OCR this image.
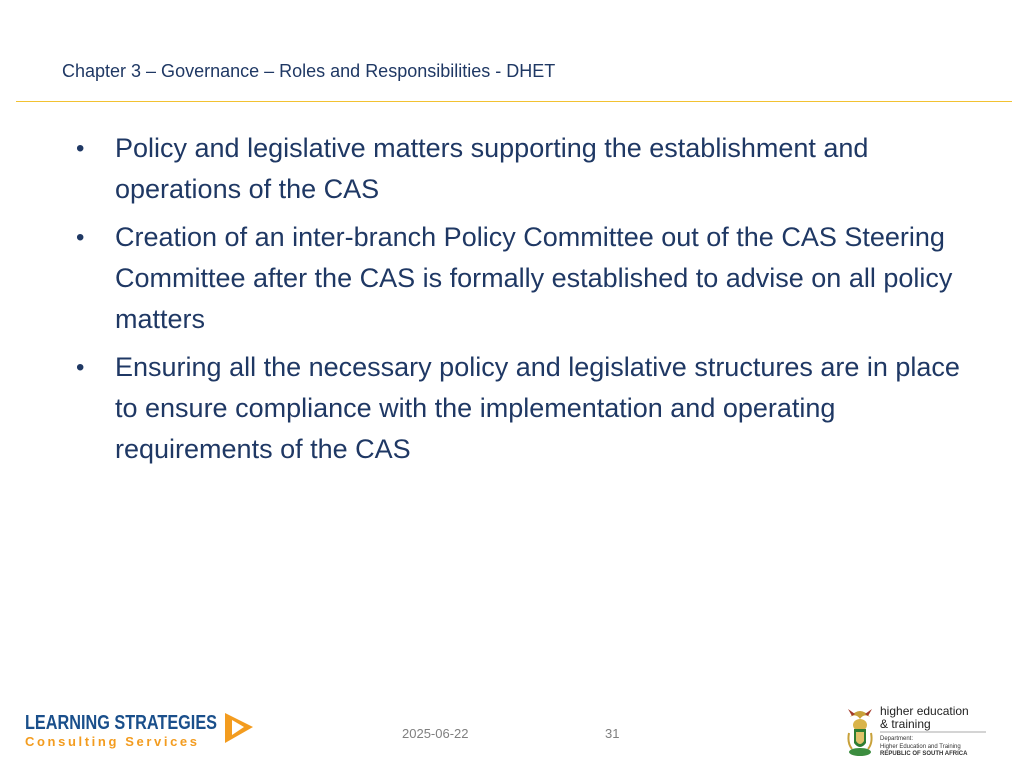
Chapter 3 – Governance – Roles and Responsibilities - DHET
• Policy and legislative matters supporting the establishment and operations of the CAS
• Creation of an inter-branch Policy Committee out of the CAS Steering Committee after the CAS is formally established to advise on all policy matters
• Ensuring all the necessary policy and legislative structures are in place to ensure compliance with the implementation and operating requirements of the CAS
LEARNING STRATEGIES
Consulting Services
2025-06-22	31
higher education
& training
Department:
Higher Education and Training
REPUBLIC OF SOUTH AFRICA
